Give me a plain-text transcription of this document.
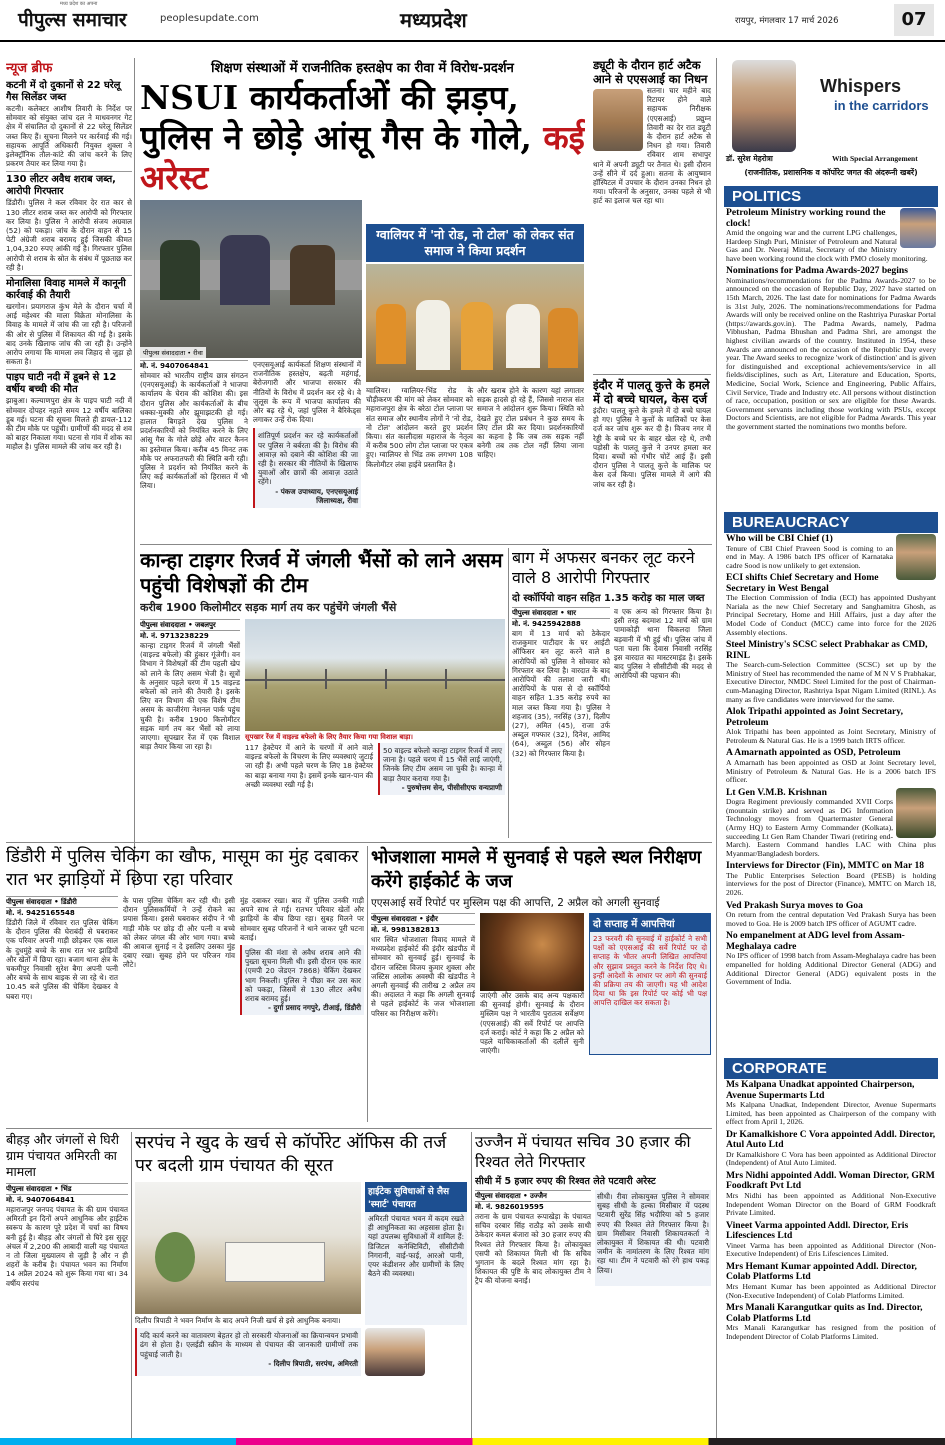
पीपुल्स समाचार
मध्य प्रदेश का अपना
peoplesupdate.com	मध्यप्रदेश	रायपुर, मंगलवार 17 मार्च 2026	07
न्यूज ब्रीफ
कटनी में दो दुकानों से 22 घरेलू गैस सिलेंडर जब्त
कटनी। कलेक्टर आशीष तिवारी के निर्देश पर सोमवार को संयुक्त जांच दल ने माधवनगर गेट क्षेत्र में संचालित दो दुकानों से 22 घरेलू सिलेंडर जब्त किए हैं। सूचना मिलने पर कार्रवाई की गई। सहायक आपूर्ति अधिकारी नियुक्त शुक्ला ने इलेक्ट्रॉनिक तौल-कांटे की जांच करने के लिए प्रकरण तैयार कर लिया गया है।
130 लीटर अवैध शराब जब्त, आरोपी गिरफ्तार
डिंडौरी। पुलिस ने कल रविवार देर रात कार से 130 लीटर शराब जब्त कर आरोपी को गिरफ्तार कर लिया है। पुलिस ने आरोपी संजय अग्रवाल (52) को पकड़ा। जांच के दौरान वाहन से 15 पेटी अंग्रेजी शराब बरामद हुई जिसकी कीमत 1,04,320 रुपए आंकी गई है। गिरफ्तार पुलिस आरोपी से शराब के स्रोत के संबंध में पूछताछ कर रही है।
मोनालिसा विवाह मामले में कानूनी कार्रवाई की तैयारी
खरगोन। प्रयागराज कुंभ मेले के दौरान चर्चा में आई महेश्वर की माला विक्रेता मोनालिसा के विवाह के मामले में जांच की जा रही है। परिजनों की ओर से पुलिस में शिकायत की गई है। इसके बाद उनके खिलाफ जांच की जा रही है। उन्होंने आरोप लगाया कि मामला लव जिहाद से जुड़ा हो सकता है।
पाइप घाटी नदी में डूबने से 12 वर्षीय बच्ची की मौत
झाबुआ। कल्याणपुरा क्षेत्र के पाइप घाटी नदी में सोमवार दोपहर नहाते समय 12 वर्षीय बालिका डूब गई। घटना की सूचना मिलते ही डायल-112 की टीम मौके पर पहुंची। ग्रामीणों की मदद से शव को बाहर निकाला गया। घटना से गांव में शोक का माहौल है। पुलिस मामले की जांच कर रही है।
शिक्षण संस्थाओं में राजनीतिक हस्तक्षेप का रीवा में विरोध-प्रदर्शन
NSUI कार्यकर्ताओं की झड़प, पुलिस ने छोड़े आंसू गैस के गोले, कई अरेस्ट
पीपुल्स संवाददाता • रीवा
मो. नं. 9407064841
सोमवार को भारतीय राष्ट्रीय छात्र संगठन (एनएसयूआई) के कार्यकर्ताओं ने भाजपा कार्यालय के घेराव की कोशिश की। इस दौरान पुलिस और कार्यकर्ताओं के बीच धक्का-मुक्की और झूमाझटकी हो गई। हालात बिगड़ते देख पुलिस ने प्रदर्शनकारियों को नियंत्रित करने के लिए आंसू गैस के गोले छोड़े और वाटर कैनन का इस्तेमाल किया। करीब 45 मिनट तक मौके पर अफरातफरी की स्थिति बनी रही। पुलिस ने प्रदर्शन को नियंत्रित करने के लिए कई कार्यकर्ताओं को हिरासत में भी लिया।
एनएसयूआई कार्यकर्ता शिक्षण संस्थानों में राजनीतिक हस्तक्षेप, बढ़ती महंगाई, बेरोजगारी और भाजपा सरकार की नीतियों के विरोध में प्रदर्शन कर रहे थे। वे जुलूस के रूप में भाजपा कार्यालय की ओर बढ़ रहे थे, जहां पुलिस ने बैरिकेड्स लगाकर उन्हें रोक दिया।
शांतिपूर्ण प्रदर्शन कर रहे कार्यकर्ताओं पर पुलिस ने बर्बरता की है। विरोध की आवाज़ को दबाने की कोशिश की जा रही है। सरकार की नीतियों के खिलाफ युवाओं और छात्रों की आवाज़ उठाते रहेंगे।
- पंकज उपाध्याय, एनएसयूआई जिलाध्यक्ष, रीवा
ग्वालियर में 'नो रोड, नो टोल' को लेकर संत समाज ने किया प्रदर्शन
ग्वालियर। ग्वालियर-भिंड रोड के चौड़ीकरण की मांग को लेकर सोमवार को महाराजपुरा क्षेत्र के बरेठा टोल प्लाजा पर संत समाज और स्थानीय लोगों ने 'नो रोड, नो टोल' आंदोलन करते हुए प्रदर्शन किया। संत कालीदास महाराज के नेतृत्व में करीब 500 लोग टोल प्लाजा पर एकत्र हुए। ग्वालियर से भिंड तक लगभग 108 किलोमीटर लंबा हाईवे प्रस्तावित है।
और खराब होने के कारण यहां लगातार सड़क हादसे हो रहे हैं, जिससे नाराज संत समाज ने आंदोलन शुरू किया। स्थिति को देखते हुए टोल प्रबंधन ने कुछ समय के लिए टोल फ्री कर दिया। प्रदर्शनकारियों का कहना है कि जब तक सड़क नहीं बनेगी तब तक टोल नहीं लिया जाना चाहिए।
ड्यूटी के दौरान हार्ट अटैक आने से एएसआई का निधन
सतना। चार महीने बाद रिटायर होने वाले सहायक निरीक्षक (एएसआई) प्रद्युम्न तिवारी का देर रात ड्यूटी के दौरान हार्ट अटैक से निधन हो गया। तिवारी रविवार शाम सभापुर थाने में अपनी ड्यूटी पर तैनात थे। इसी दौरान उन्हें सीने में दर्द हुआ। सतना के आयुष्मान हॉस्पिटल में उपचार के दौरान उनका निधन हो गया। परिजनों के अनुसार, उनका पहले से भी हार्ट का इलाज चल रहा था।
इंदौर में पालतू कुत्ते के हमले में दो बच्चे घायल, केस दर्ज
इंदौर। पालतू कुत्ते के हमले में दो बच्चे घायल हो गए। पुलिस ने कुत्तों के मालिकों पर केस दर्ज कर जांच शुरू कर दी है। विजय नगर में रेड्डी के बच्चे घर के बाहर खेल रहे थे, तभी पड़ोसी के पालतू कुत्ते ने उनपर हमला कर दिया। बच्चों को गंभीर चोटें आई हैं। इसी दौरान पुलिस ने पालतू कुत्ते के मालिक पर केस दर्ज किया। पुलिस मामले में आगे की जांच कर रही है।
Whispers
in the carridors
डॉ. सुरेश मेहरोत्रा	With Special Arrangement
(राजनीतिक, प्रशासनिक व कॉर्पोरेट जगत की अंदरूनी खबरें)
POLITICS
Petroleum Ministry working round the clock!
Amid the ongoing war and the current LPG challenges, Hardeep Singh Puri, Minister of Petroleum and Natural Gas and Dr. Neeraj Mittal, Secretary of the Ministry have been working round the clock with PMO closely monitoring.
Nominations for Padma Awards-2027 begins
Nominations/recommendations for the Padma Awards-2027 to be announced on the occasion of Republic Day, 2027 have started on 15th March, 2026. The last date for nominations for Padma Awards is 31st July, 2026. The nominations/recommendations for Padma Awards will only be received online on the Rashtriya Puraskar Portal (https://awards.gov.in). The Padma Awards, namely, Padma Vibhushan, Padma Bhushan and Padma Shri, are amongst the highest civilian awards of the country. Instituted in 1954, these Awards are announced on the occasion of the Republic Day every year. The Award seeks to recognize 'work of distinction' and is given for distinguished and exceptional achievements/service in all fields/disciplines, such as Art, Literature and Education, Sports, Medicine, Social Work, Science and Engineering, Public Affairs, Civil Service, Trade and Industry etc. All persons without distinction of race, occupation, position or sex are eligible for these Awards. Government servants including those working with PSUs, except Doctors and Scientists, are not eligible for Padma Awards. This year the government started the nominations two months before.
BUREAUCRACY
Who will be CBI Chief (1)
Tenure of CBI Chief Praveen Sood is coming to an end in May. A 1986 batch IPS officer of Karnataka cadre Sood is now unlikely to get extension.
ECI shifts Chief Secretary and Home Secretary in West Bengal
The Election Commission of India (ECI) has appointed Dushyant Nariala as the new Chief Secretary and Sanghamitra Ghosh, as Principal Secretary, Home and Hill Affairs, just a day after the Model Code of Conduct (MCC) came into force for the 2026 Assembly elections.
Steel Ministry's SCSC select Prabhakar as CMD, RINL
The Search-cum-Selection Committee (SCSC) set up by the Ministry of Steel has recommended the name of M N V S Prabhakar, Executive Director, NMDC Steel Limited for the post of Chairman-cum-Managing Director, Rashtriya Ispat Nigam Limited (RINL). As many as five candidates were interviewed for the same.
Alok Tripathi appointed as Joint Secretary, Petroleum
Alok Tripathi has been appointed as Joint Secretary, Ministry of Petroleum & Natural Gas. He is a 1999 batch IRTS officer.
A Amarnath appointed as OSD, Petroleum
A Amarnath has been appointed as OSD at Joint Secretary level, Ministry of Petroleum & Natural Gas. He is a 2006 batch IFS officer.
Lt Gen V.M.B. Krishnan
Dogra Regiment previously commanded XVII Corps (mountain strike) and served as DG Information Technology moves from Quartermaster General (Army HQ) to Eastern Army Commander (Kolkata), succeeding Lt Gen Ram Chander Tiwari (retiring end-March). Eastern Command handles LAC with China plus Myanmar/Bangladesh borders.
Interviews for Director (Fin), MMTC on Mar 18
The Public Enterprises Selection Board (PESB) is holding interviews for the post of Director (Finance), MMTC on March 18, 2026.
Ved Prakash Surya moves to Goa
On return from the central deputation Ved Prakash Surya has been moved to Goa. He is 2009 batch IPS officer of AGUMT cadre.
No empanelment at ADG level from Assam-Meghalaya cadre
No IPS officer of 1998 batch from Assam-Meghalaya cadre has been empanelled for holding Additional Director General (ADG) and Additional Director General (ADG) equivalent posts in the Government of India.
CORPORATE
Ms Kalpana Unadkat appointed Chairperson, Avenue Supermarts Ltd
Ms Kalpana Unadkat, Independent Director, Avenue Supermarts Limited, has been appointed as Chairperson of the company with effect from April 1, 2026.
Dr Kamalkishore C Vora appointed Addl. Director, Atul Auto Ltd
Dr Kamalkishore C Vora has been appointed as Additional Director (Independent) of Atul Auto Limited.
Mrs Nidhi appointed Addl. Woman Director, GRM Foodkraft Pvt Ltd
Mrs Nidhi has been appointed as Additional Non-Executive Independent Woman Director on the Board of GRM Foodkraft Private Limited.
Vineet Varma appointed Addl. Director, Eris Lifesciences Ltd
Vineet Varma has been appointed as Additional Director (Non-Executive Independent) of Eris Lifesciences Limited.
Mrs Hemant Kumar appointed Addl. Director, Colab Platforms Ltd
Mrs Hemant Kumar has been appointed as Additional Director (Non-Executive Independent) of Colab Platforms Limited.
Mrs Manali Karangutkar quits as Ind. Director, Colab Platforms Ltd
Mrs Manali Karangutkar has resigned from the position of Independent Director of Colab Platforms Limited.
कान्हा टाइगर रिजर्व में जंगली भैंसों को लाने असम पहुंची विशेषज्ञों की टीम
करीब 1900 किलोमीटर सड़क मार्ग तय कर पहुंचेंगे जंगली भैंसे
पीपुल्स संवाददाता • जबलपुर
मो. नं. 9713238229
कान्हा टाइगर रिजर्व में जंगली भैंसों (वाइल्ड बफेलो) की हुंकार गूंजेगी। वन विभाग ने विशेषज्ञों की टीम पहली खेप को लाने के लिए असम भेजी है। सूत्रों के अनुसार पहले चरण में 15 वाइल्ड बफेलो को लाने की तैयारी है। इसके लिए वन विभाग की एक विशेष टीम असम के काजीरंगा नेशनल पार्क पहुंच चुकी है। करीब 1900 किलोमीटर सड़क मार्ग तय कर भैंसों को लाया जाएगा। सूपखार रेंज में एक विशाल बाड़ा तैयार किया जा रहा है।
सूपखार रेंज में वाइल्ड बफेलो के लिए तैयार किया गया विशाल बाड़ा।
117 हेक्टेयर में आने के चरणों में आने वाले वाइल्ड बफेलो के विचरण के लिए व्यवस्थाएं जुटाई जा रही हैं। अभी पहले चरण के लिए 18 हेक्टेयर का बाड़ा बनाया गया है। इसमें इनके खान-पान की अच्छी व्यवस्था रखी गई है।
50 वाइल्ड बफेलो कान्हा टाइगर रिजर्व में लाए जाना है। पहले चरण में 15 भैंसें लाई जाएंगी, जिनके लिए टीम असम जा चुकी है। कान्हा में बाड़ा तैयार कराया गया है।
- पुरुषोत्तम सेन, पीसीसीएफ वन्यप्राणी
बाग में अफसर बनकर लूट करने वाले 8 आरोपी गिरफ्तार
दो स्कॉर्पियो वाहन सहित 1.35 करोड़ का माल जब्त
पीपुल्स संवाददाता • धार
मो. नं. 9425942888
बाग में 13 मार्च को ठेकेदार राजकुमार पाटीदार के घर आईटी ऑफिसर बन लूट करने वाले 8 आरोपियों को पुलिस ने सोमवार को गिरफ्तार कर लिया है। वारदात के बाद आरोपियों की तलाश जारी थी। आरोपियों के पास से दो स्कॉर्पियो वाहन सहित 1.35 करोड़ रुपये का माल जब्त किया गया है। पुलिस ने शहजाद (35), नरसिंह (37), दिलीप (27), अमित (45), राजा उर्फ अब्दुल गफ्फार (32), दिनेश, आमिद (64), अब्दुल (56) और सोहन (32) को गिरफ्तार किया है।
व एक अन्य को गिरफ्तार किया है। इसी तरह बदमाश 12 मार्च को ग्राम पामाकोड़ी थाना चिकलदा जिला बड़वानी में भी हुई थी। पुलिस जांच में पता चला कि देवास निवासी नरसिंह इस वारदात का मास्टरमाइंड है। इसके बाद पुलिस ने सीसीटीवी की मदद से आरोपियों की पहचान की।
डिंडौरी में पुलिस चेकिंग का खौफ, मासूम का मुंह दबाकर रात भर झाड़ियों में छिपा रहा परिवार
पीपुल्स संवाददाता • डिंडौरी
मो. नं. 9425165548
डिंडौरी जिले में रविवार रात पुलिस चेकिंग के दौरान पुलिस की घेराबंदी से घबराकर एक परिवार अपनी गाड़ी छोड़कर एक साल के दुधमुंहे बच्चे के साथ रात भर झाड़ियों और खेतों में छिपा रहा। बजाग थाना क्षेत्र के चकमीपुर निवासी सुरेश बैगा अपनी पत्नी और बच्चे के साथ बाइक से जा रहे थे। रात 10.45 बजे पुलिस की चेकिंग देखकर वे घबरा गए।
के पास पुलिस चेकिंग कर रही थी। इसी दौरान पुलिसकर्मियों ने उन्हें रोकने का प्रयास किया। इससे घबराकर संदीप ने भी गाड़ी मौके पर छोड़ दी और पत्नी व बच्चे को लेकर जंगल की ओर भाग गया। बच्चे की आवाज सुनाई न दे इसलिए उसका मुंह दबाए रखा। सुबह होने पर परिजन गांव लौटे।
मुंह दबाकर रखा। बाद में पुलिस उनकी गाड़ी अपने साथ ले गई। रातभर परिवार खेतों और झाड़ियों के बीच छिपा रहा। सुबह मिलने पर सोमवार सुबह परिजनों ने थाने जाकर पूरी घटना बताई।
पुलिस की मंशा से अवैध शराब आने की पुख्ता सूचना मिली थी। इसी दौरान एक कार (एमपी 20 जेडएन 7868) चेकिंग देखकर भाग निकली। पुलिस ने पीछा कर उस कार को पकड़ा, जिसमें से 130 लीटर अवैध शराब बरामद हुई।
- दुर्गा प्रसाद नगपुरे, टीआई, डिंडौरी
भोजशाला मामले में सुनवाई से पहले स्थल निरीक्षण करेंगे हाईकोर्ट के जज
एएसआई सर्वे रिपोर्ट पर मुस्लिम पक्ष की आपत्ति, 2 अप्रैल को अगली सुनवाई
पीपुल्स संवाददाता • इंदौर
मो. नं. 9981382813
धार स्थित भोजशाला विवाद मामले में मध्यप्रदेश हाईकोर्ट की इंदौर खंडपीठ में सोमवार को सुनवाई हुई। सुनवाई के दौरान जस्टिस विजय कुमार शुक्ला और जस्टिस आलोक अवस्थी की खंडपीठ ने अगली सुनवाई की तारीख 2 अप्रैल तय की। अदालत ने कहा कि अगली सुनवाई से पहले हाईकोर्ट के जज भोजशाला परिसर का निरीक्षण करेंगे।
जाएंगी और उसके बाद अन्य पक्षकारों की सुनवाई होगी। सुनवाई के दौरान मुस्लिम पक्ष ने भारतीय पुरातत्व सर्वेक्षण (एएसआई) की सर्वे रिपोर्ट पर आपत्ति दर्ज कराई। कोर्ट ने कहा कि 2 अप्रैल को पहले याचिकाकर्ताओं की दलीलें सुनी जाएंगी।
दो सप्ताह में आपत्तियां
23 फरवरी की सुनवाई में हाईकोर्ट ने सभी पक्षों को एएसआई की सर्वे रिपोर्ट पर दो सप्ताह के भीतर अपनी लिखित आपत्तियां और सुझाव प्रस्तुत करने के निर्देश दिए थे। इन्हीं आदेशों के आधार पर आगे की सुनवाई की प्रक्रिया तय की जाएगी। यह भी आदेश दिया था कि इस रिपोर्ट पर कोई भी पक्ष आपत्ति दाखिल कर सकता है।
बीहड़ और जंगलों से घिरी ग्राम पंचायत अमिरती का मामला
पीपुल्स संवाददाता • भिंड
मो. नं. 9407064841
महाराजपुर जनपद पंचायत के की ग्राम पंचायत अमिरती इन दिनों अपने आधुनिक और हाईटेक स्वरूप के कारण पूरे प्रदेश में चर्चा का विषय बनी हुई है। बीहड़ और जंगलों से घिरे इस सुदूर अंचल में 2,200 की आबादी वाली यह पंचायत न तो जिला मुख्यालय से जुड़ी है और न ही शहरों के करीब है। पंचायत भवन का निर्माण 14 अप्रैल 2024 को शुरू किया गया था। 34 वर्षीय सरपंच
सरपंच ने खुद के खर्च से कॉर्पोरेट ऑफिस की तर्ज पर बदली ग्राम पंचायत की सूरत
दिलीप त्रिपाठी ने भवन निर्माण के बाद अपने निजी खर्च से इसे आधुनिक बनाया।
हाईटेक सुविधाओं से लैस 'स्मार्ट' पंचायत
अमिरती पंचायत भवन में कदम रखते ही आधुनिकता का अहसास होता है। यहां उपलब्ध सुविधाओं में शामिल हैं: डिजिटल कनेक्टिविटी, सीसीटीवी निगरानी, वाई-फाई, आरओ पानी, एयर कंडीशनर और ग्रामीणों के लिए बैठने की व्यवस्था।
यदि कार्य करने का वातावरण बेहतर हो तो सरकारी योजनाओं का क्रियान्वयन प्रभावी ढंग से होता है। एलईडी स्क्रीन के माध्यम से पंचायत की जानकारी ग्रामीणों तक पहुंचाई जाती है।
- दिलीप त्रिपाठी, सरपंच, अमिरती
उज्जैन में पंचायत सचिव 30 हजार की रिश्वत लेते गिरफ्तार
सीधी में 5 हजार रुपए की रिश्वत लेते पटवारी अरेस्ट
पीपुल्स संवाददाता • उज्जैन
मो. नं. 9826019595
तराना के ग्राम पंचायत रूपाखेड़ा के पंचायत सचिव दरबार सिंह राठौड़ को उसके साथी ठेकेदार कमल बंजारा को 30 हजार रुपए की रिश्वत लेते गिरफ्तार किया है। लोकायुक्त एसपी को शिकायत मिली थी कि सचिव भुगतान के बदले रिश्वत मांग रहा है। शिकायत की पुष्टि के बाद लोकायुक्त टीम ने ट्रैप की योजना बनाई।
सीधी। रीवा लोकायुक्त पुलिस ने सोमवार सुबह सीधी के हल्का मिसीबार में पदस्थ पटवारी सुरेंद्र सिंह भदौरिया को 5 हजार रुपए की रिश्वत लेते गिरफ्तार किया है। ग्राम मिसीबार निवासी शिकायतकर्ता ने लोकायुक्त में शिकायत की थी। पटवारी जमीन के नामांतरण के लिए रिश्वत मांग रहा था। टीम ने पटवारी को रंगे हाथ पकड़ लिया।
